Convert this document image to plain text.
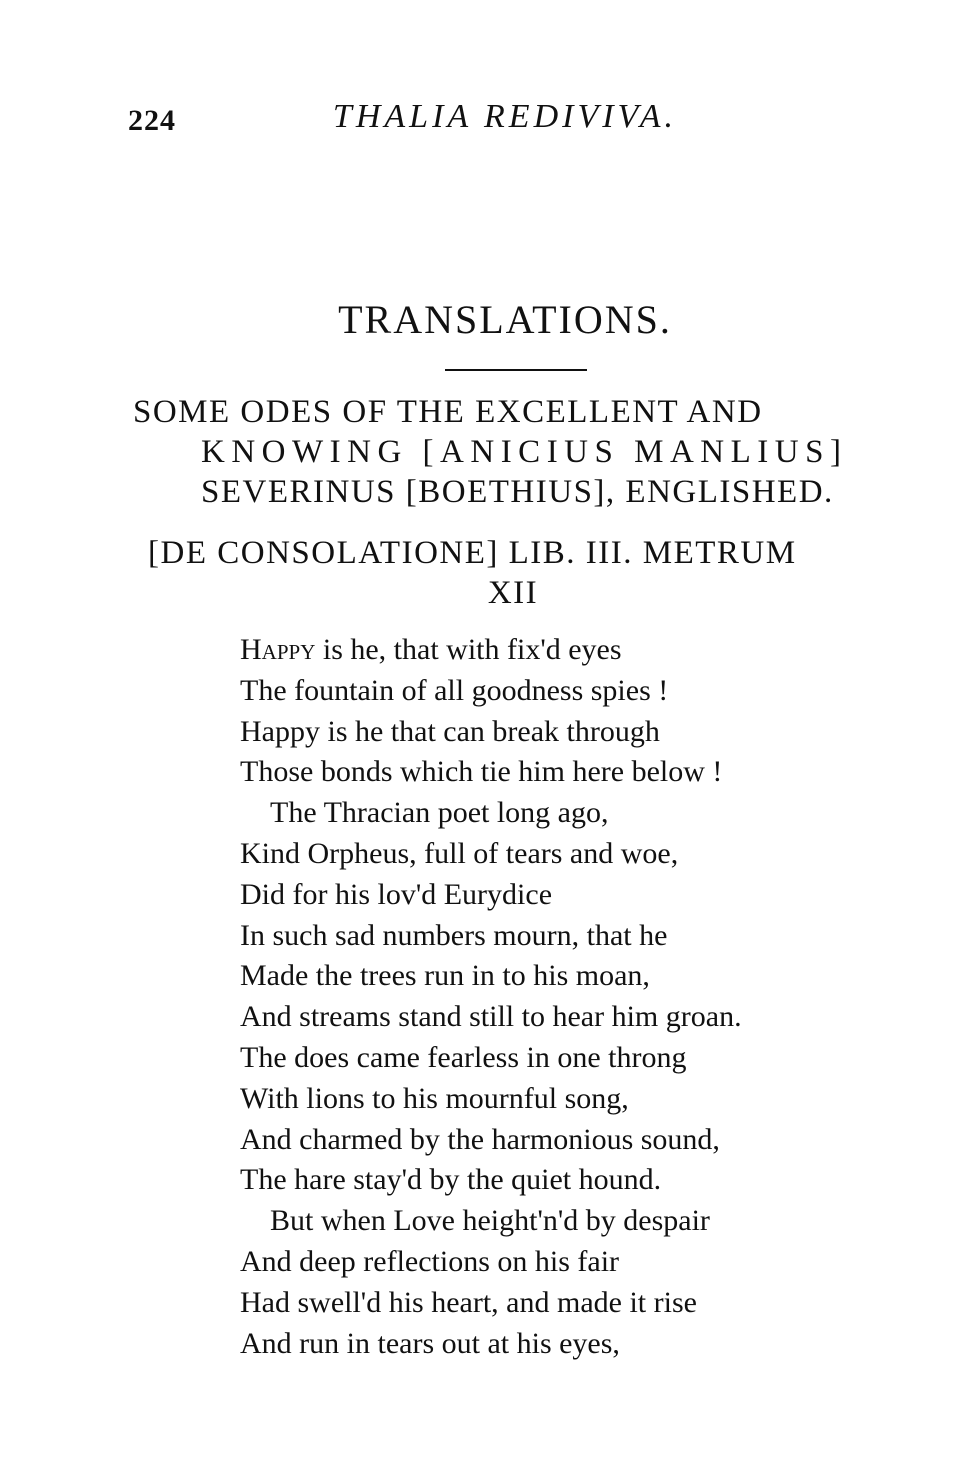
224	THALIA REDIVIVA.
TRANSLATIONS.
SOME ODES OF THE EXCELLENT AND
KNOWING [ANICIUS MANLIUS]
SEVERINUS [BOETHIUS], ENGLISHED.
[DE CONSOLATIONE] LIB. III. METRUM
XII
Happy is he, that with fix'd eyes
The fountain of all goodness spies !
Happy is he that can break through
Those bonds which tie him here below !
The Thracian poet long ago,
Kind Orpheus, full of tears and woe,
Did for his lov'd Eurydice
In such sad numbers mourn, that he
Made the trees run in to his moan,
And streams stand still to hear him groan.
The does came fearless in one throng
With lions to his mournful song,
And charmed by the harmonious sound,
The hare stay'd by the quiet hound.
But when Love height'n'd by despair
And deep reflections on his fair
Had swell'd his heart, and made it rise
And run in tears out at his eyes,
